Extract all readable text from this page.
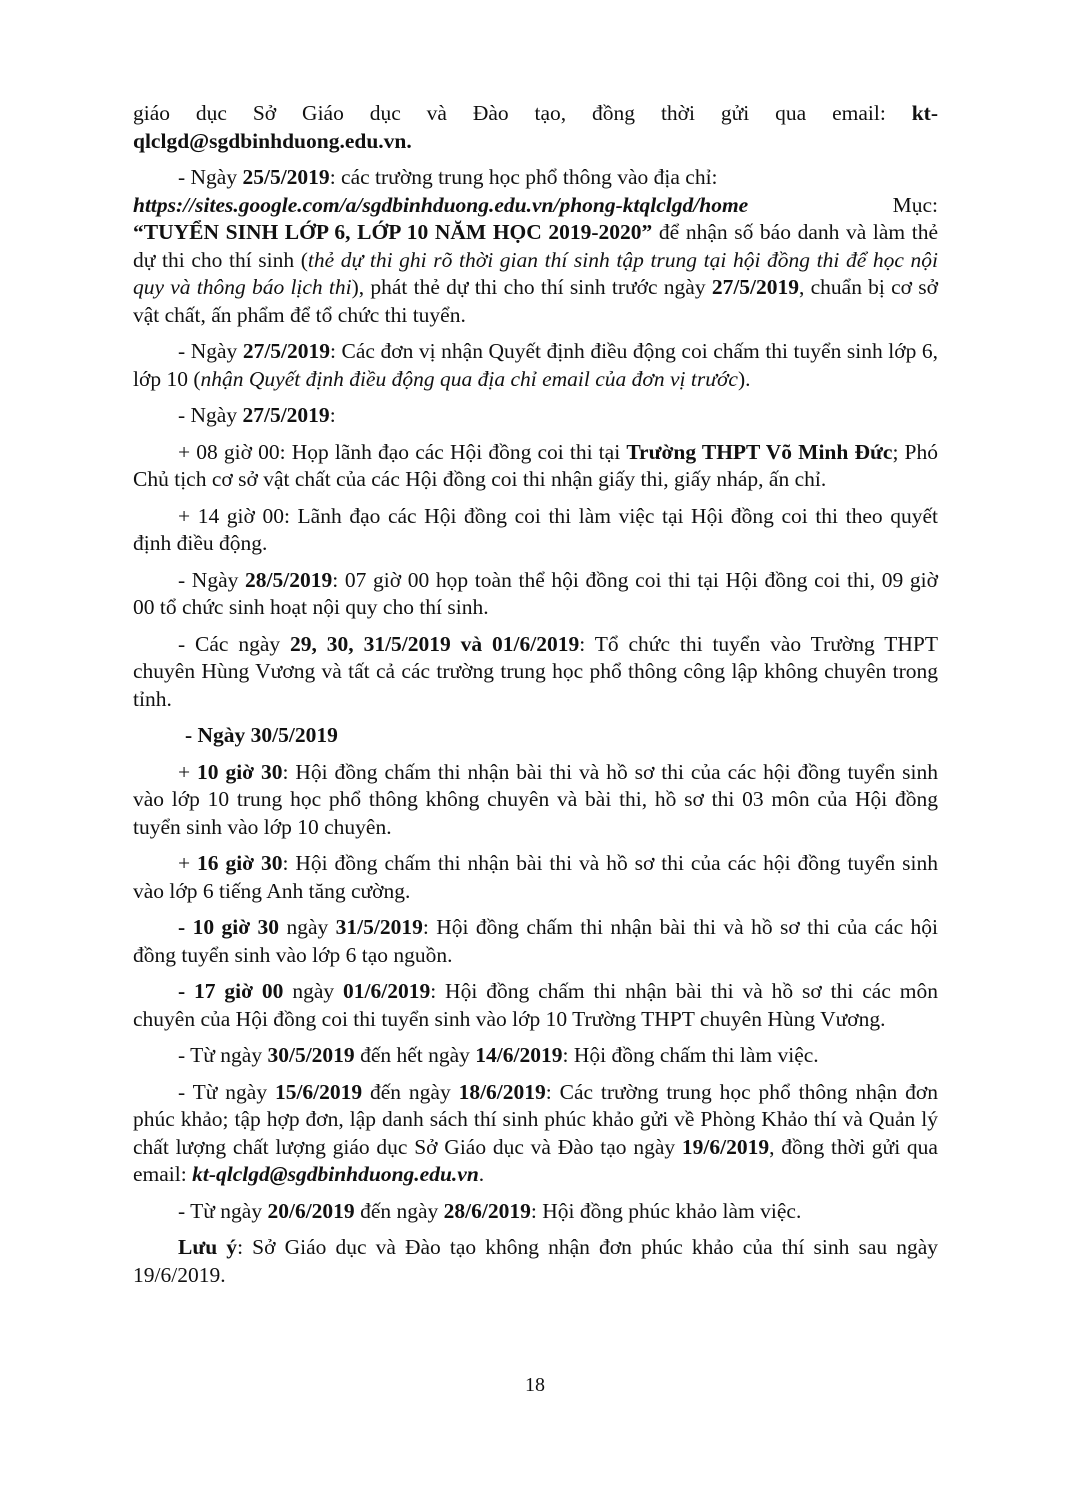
giáo dục Sở Giáo dục và Đào tạo, đồng thời gửi qua email: kt-
qlclgd@sgdbinhduong.edu.vn.
- Ngày 25/5/2019: các trường trung học phổ thông vào địa chỉ:
https://sites.google.com/a/sgdbinhduong.edu.vn/phong-ktqlclgd/home Mục:
“TUYỂN SINH LỚP 6, LỚP 10 NĂM HỌC 2019-2020” để nhận số báo danh và làm thẻ dự thi cho thí sinh (thẻ dự thi ghi rõ thời gian thí sinh tập trung tại hội đồng thi để học nội quy và thông báo lịch thi), phát thẻ dự thi cho thí sinh trước ngày 27/5/2019, chuẩn bị cơ sở vật chất, ấn phẩm để tổ chức thi tuyển.
- Ngày 27/5/2019: Các đơn vị nhận Quyết định điều động coi chấm thi tuyển sinh lớp 6, lớp 10 (nhận Quyết định điều động qua địa chỉ email của đơn vị trước).
- Ngày 27/5/2019:
+ 08 giờ 00: Họp lãnh đạo các Hội đồng coi thi tại Trường THPT Võ Minh Đức; Phó Chủ tịch cơ sở vật chất của các Hội đồng coi thi nhận giấy thi, giấy nháp, ấn chỉ.
+ 14 giờ 00: Lãnh đạo các Hội đồng coi thi làm việc tại Hội đồng coi thi theo quyết định điều động.
- Ngày 28/5/2019: 07 giờ 00 họp toàn thể hội đồng coi thi tại Hội đồng coi thi, 09 giờ 00 tổ chức sinh hoạt nội quy cho thí sinh.
- Các ngày 29, 30, 31/5/2019 và 01/6/2019: Tổ chức thi tuyển vào Trường THPT chuyên Hùng Vương và tất cả các trường trung học phổ thông công lập không chuyên trong tỉnh.
- Ngày 30/5/2019
+ 10 giờ 30: Hội đồng chấm thi nhận bài thi và hồ sơ thi của các hội đồng tuyển sinh vào lớp 10 trung học phổ thông không chuyên và bài thi, hồ sơ thi 03 môn của Hội đồng tuyển sinh vào lớp 10 chuyên.
+ 16 giờ 30: Hội đồng chấm thi nhận bài thi và hồ sơ thi của các hội đồng tuyển sinh vào lớp 6 tiếng Anh tăng cường.
- 10 giờ 30 ngày 31/5/2019: Hội đồng chấm thi nhận bài thi và hồ sơ thi của các hội đồng tuyển sinh vào lớp 6 tạo nguồn.
- 17 giờ 00 ngày 01/6/2019: Hội đồng chấm thi nhận bài thi và hồ sơ thi các môn chuyên của Hội đồng coi thi tuyển sinh vào lớp 10 Trường THPT chuyên Hùng Vương.
- Từ ngày 30/5/2019 đến hết ngày 14/6/2019: Hội đồng chấm thi làm việc.
- Từ ngày 15/6/2019 đến ngày 18/6/2019: Các trường trung học phổ thông nhận đơn phúc khảo; tập hợp đơn, lập danh sách thí sinh phúc khảo gửi về Phòng Khảo thí và Quản lý chất lượng chất lượng giáo dục Sở Giáo dục và Đào tạo ngày 19/6/2019, đồng thời gửi qua email: kt-qlclgd@sgdbinhduong.edu.vn.
- Từ ngày 20/6/2019 đến ngày 28/6/2019: Hội đồng phúc khảo làm việc.
Lưu ý: Sở Giáo dục và Đào tạo không nhận đơn phúc khảo của thí sinh sau ngày 19/6/2019.
18
